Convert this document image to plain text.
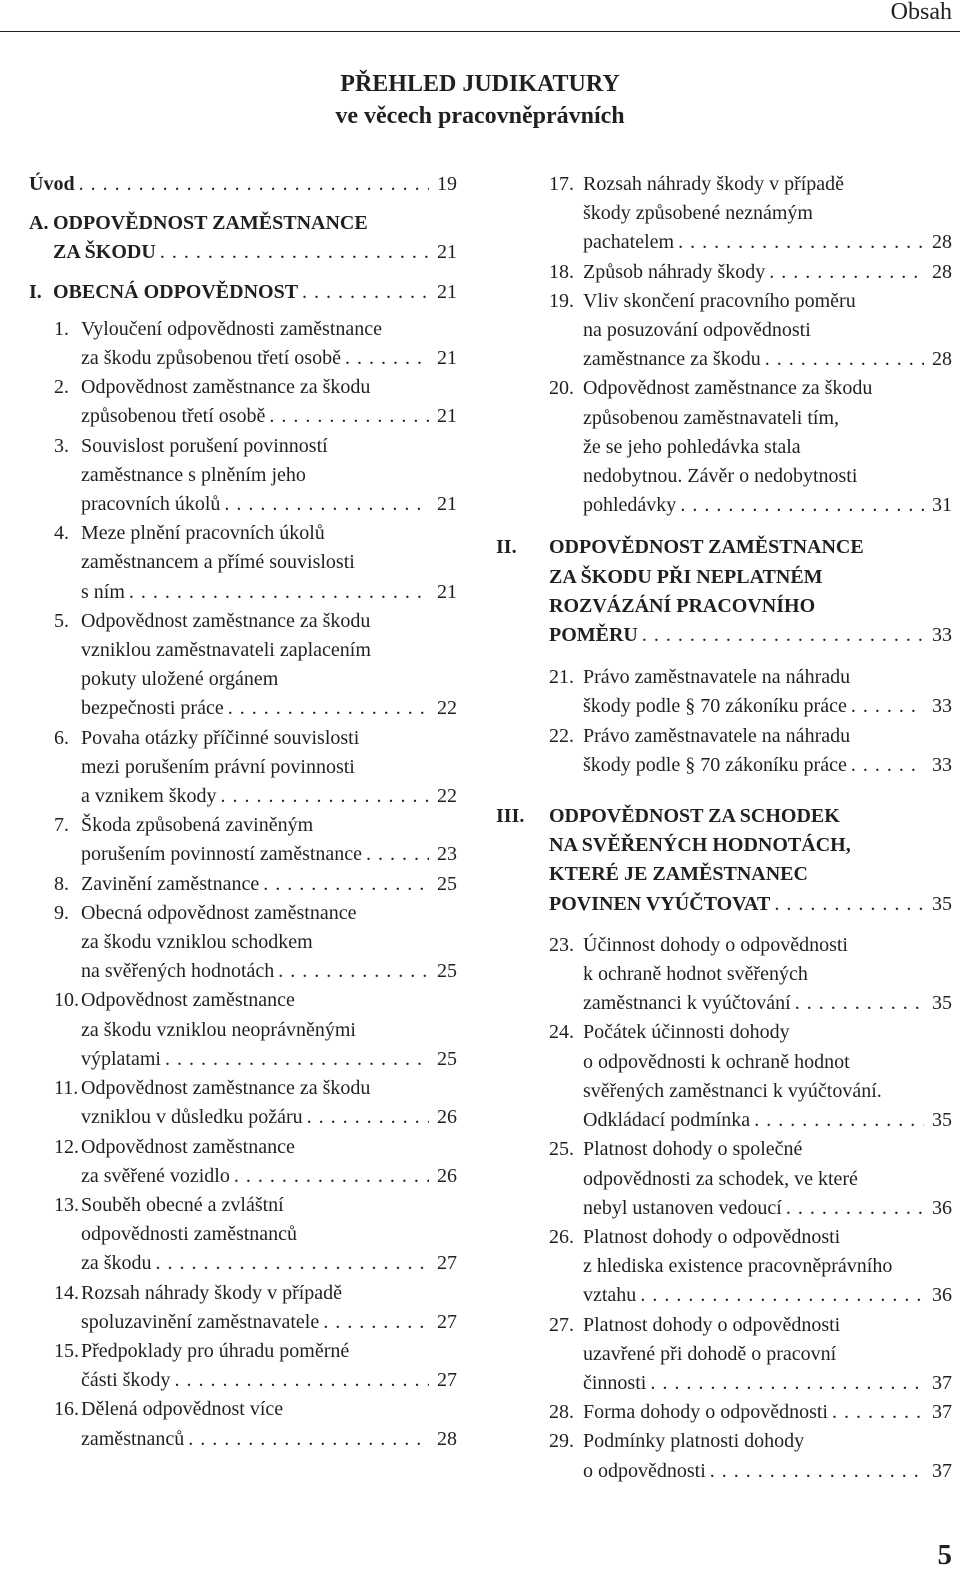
Obsah
PŘEHLED JUDIKATURY
ve věcech pracovněprávních
Úvod . . .	19
A. ODPOVĚDNOST ZAMĚSTNANCE
ZA ŠKODU . . .	21
I. OBECNÁ ODPOVĚDNOST . . .	21
1. Vyloučení odpovědnosti zaměstnance
za škodu způsobenou třetí osobě . . .	21
2. Odpovědnost zaměstnance za škodu
způsobenou třetí osobě . . .	21
3. Souvislost porušení povinností
zaměstnance s plněním jeho
pracovních úkolů . . .	21
4. Meze plnění pracovních úkolů
zaměstnancem a přímé souvislosti
s ním . . .	21
5. Odpovědnost zaměstnance za škodu
vzniklou zaměstnavateli zaplacením
pokuty uložené orgánem
bezpečnosti práce . . .	22
6. Povaha otázky příčinné souvislosti
mezi porušením právní povinnosti
a vznikem škody . . .	22
7. Škoda způsobená zaviněným
porušením povinností zaměstnance . . .	23
8. Zavinění zaměstnance . . .	25
9. Obecná odpovědnost zaměstnance
za škodu vzniklou schodkem
na svěřených hodnotách . . .	25
10. Odpovědnost zaměstnance
za škodu vzniklou neoprávněnými
výplatami . . .	25
11. Odpovědnost zaměstnance za škodu
vzniklou v důsledku požáru . . .	26
12. Odpovědnost zaměstnance
za svěřené vozidlo . . .	26
13. Souběh obecné a zvláštní
odpovědnosti zaměstnanců
za škodu . . .	27
14. Rozsah náhrady škody v případě
spoluzavinění zaměstnavatele . . .	27
15. Předpoklady pro úhradu poměrné
části škody . . .	27
16. Dělená odpovědnost více
zaměstnanců . . .	28
17. Rozsah náhrady škody v případě
škody způsobené neznámým
pachatelem . . .	28
18. Způsob náhrady škody . . .	28
19. Vliv skončení pracovního poměru
na posuzování odpovědnosti
zaměstnance za škodu . . .	28
20. Odpovědnost zaměstnance za škodu
způsobenou zaměstnavateli tím,
že se jeho pohledávka stala
nedobytnou. Závěr o nedobytnosti
pohledávky . . .	31
II.	ODPOVĚDNOST ZAMĚSTNANCE
ZA ŠKODU PŘI NEPLATNÉM
ROZVÁZÁNÍ PRACOVNÍHO
POMĚRU . . .	33
21. Právo zaměstnavatele na náhradu
škody podle § 70 zákoníku práce . . .	33
22. Právo zaměstnavatele na náhradu
škody podle § 70 zákoníku práce . . .	33
III.	ODPOVĚDNOST ZA SCHODEK
NA SVĚŘENÝCH HODNOTÁCH,
KTERÉ JE ZAMĚSTNANEC
POVINEN VYÚČTOVAT . . .	35
23. Účinnost dohody o odpovědnosti
k ochraně hodnot svěřených
zaměstnanci k vyúčtování . . .	35
24. Počátek účinnosti dohody
o odpovědnosti k ochraně hodnot
svěřených zaměstnanci k vyúčtování.
Odkládací podmínka . . .	35
25. Platnost dohody o společné
odpovědnosti za schodek, ve které
nebyl ustanoven vedoucí . . .	36
26. Platnost dohody o odpovědnosti
z hlediska existence pracovněprávního
vztahu . . .	36
27. Platnost dohody o odpovědnosti
uzavřené při dohodě o pracovní
činnosti . . .	37
28. Forma dohody o odpovědnosti . . .	37
29. Podmínky platnosti dohody
o odpovědnosti . . .	37
5
